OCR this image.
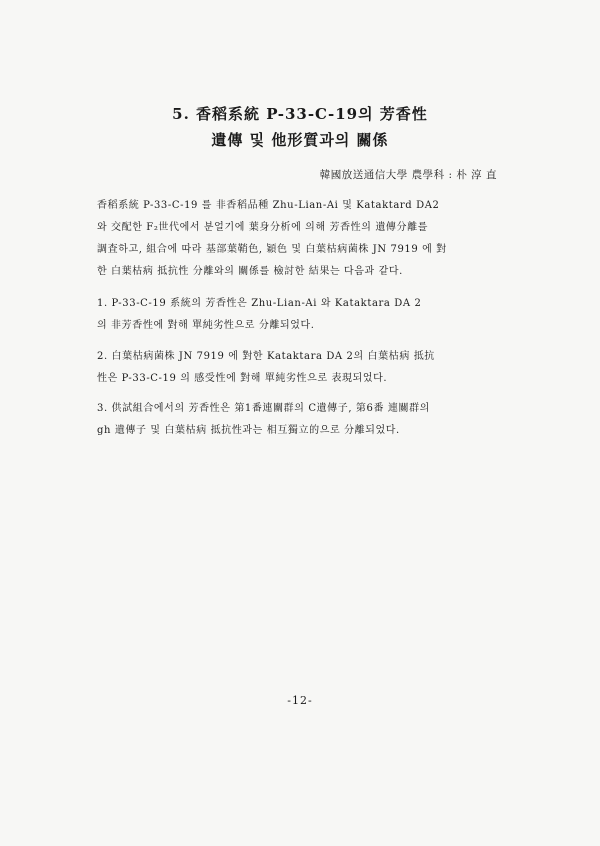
5. 香稻系統 P-33-C-19의 芳香性
遺傳 및 他形質과의 關係
韓國放送通信大學 農學科 : 朴 淳 直
香稻系統 P-33-C-19 를 非香稻品種 Zhu-Lian-Ai 및 Kataktard DA2
와 交配한 F₂世代에서 분얼기에 葉身分析에 의해 芳香性의 遺傳分離를
調査하고, 組合에 따라 基部葉鞘色, 穎色 및 白葉枯病菌株 JN 7919 에 對
한 白葉枯病 抵抗性 分離와의 關係를 檢討한 結果는 다음과 같다.
1. P-33-C-19 系統의 芳香性은 Zhu-Lian-Ai 와 Kataktara DA 2
의 非芳香性에 對해 單純劣性으로 分離되었다.
2. 白葉枯病菌株 JN 7919 에 對한 Kataktara DA 2의 白葉枯病 抵抗
性은 P-33-C-19 의 感受性에 對해 單純劣性으로 表現되었다.
3. 供試組合에서의 芳香性은 第1番連關群의 C遺傳子, 第6番 連關群의
gh 遺傳子 및 白葉枯病 抵抗性과는 相互獨立的으로 分離되었다.
-12-
